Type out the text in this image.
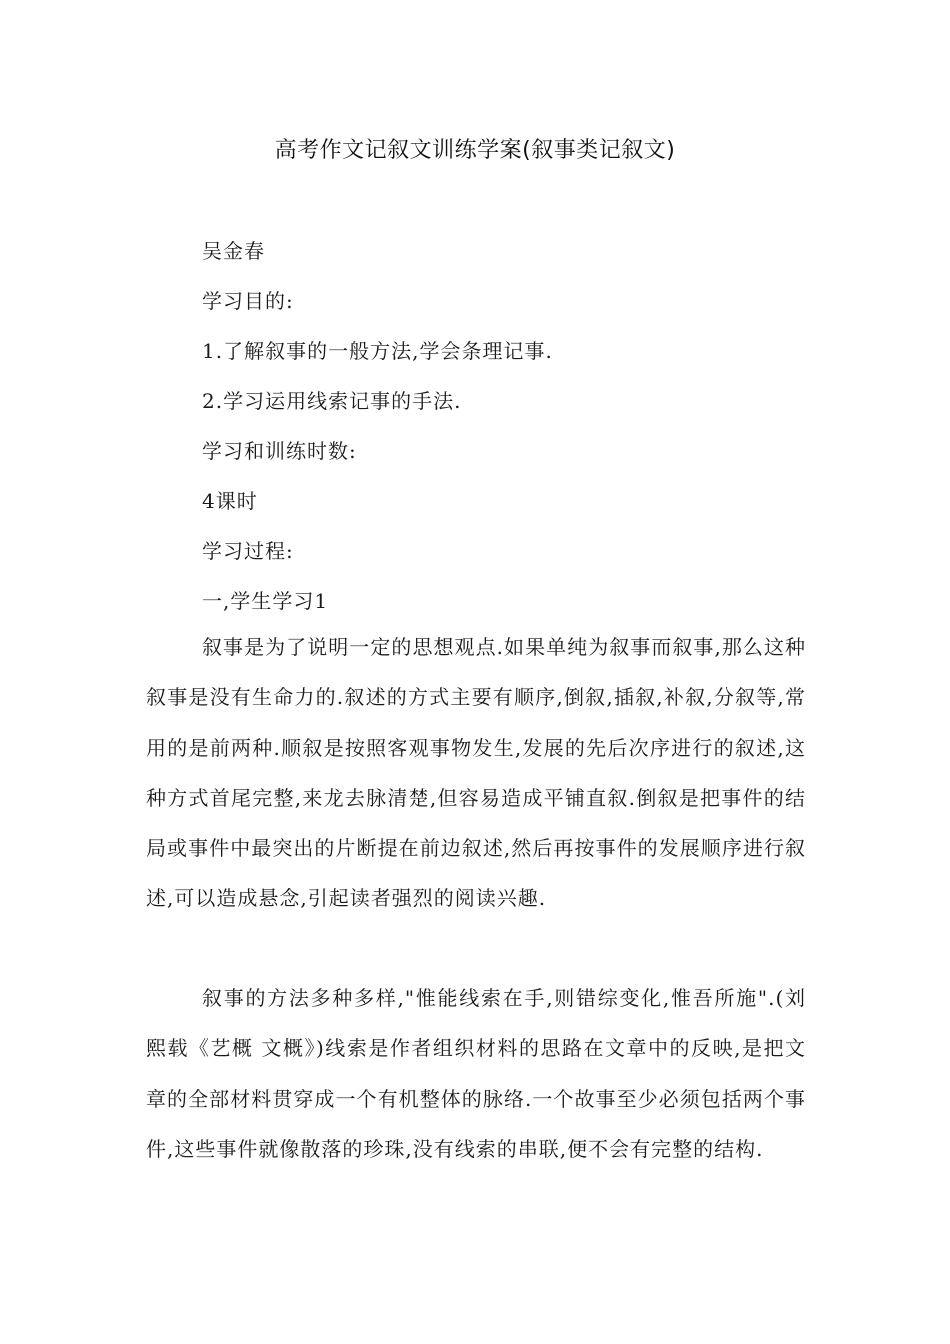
高考作文记叙文训练学案(叙事类记叙文)
吴金春
学习目的:
1.了解叙事的一般方法,学会条理记事.
2.学习运用线索记事的手法.
学习和训练时数:
4课时
学习过程:
一,学生学习1

叙事是为了说明一定的思想观点.如果单纯为叙事而叙事,那么这种叙事是没有生命力的.叙述的方式主要有顺序,倒叙,插叙,补叙,分叙等,常用的是前两种.顺叙是按照客观事物发生,发展的先后次序进行的叙述,这种方式首尾完整,来龙去脉清楚,但容易造成平铺直叙.倒叙是把事件的结局或事件中最突出的片断提在前边叙述,然后再按事件的发展顺序进行叙述,可以造成悬念,引起读者强烈的阅读兴趣.

叙事的方法多种多样,"惟能线索在手,则错综变化,惟吾所施".(刘熙载《艺概 文概》)线索是作者组织材料的思路在文章中的反映,是把文章的全部材料贯穿成一个有机整体的脉络.一个故事至少必须包括两个事件,这些事件就像散落的珍珠,没有线索的串联,便不会有完整的结构.
